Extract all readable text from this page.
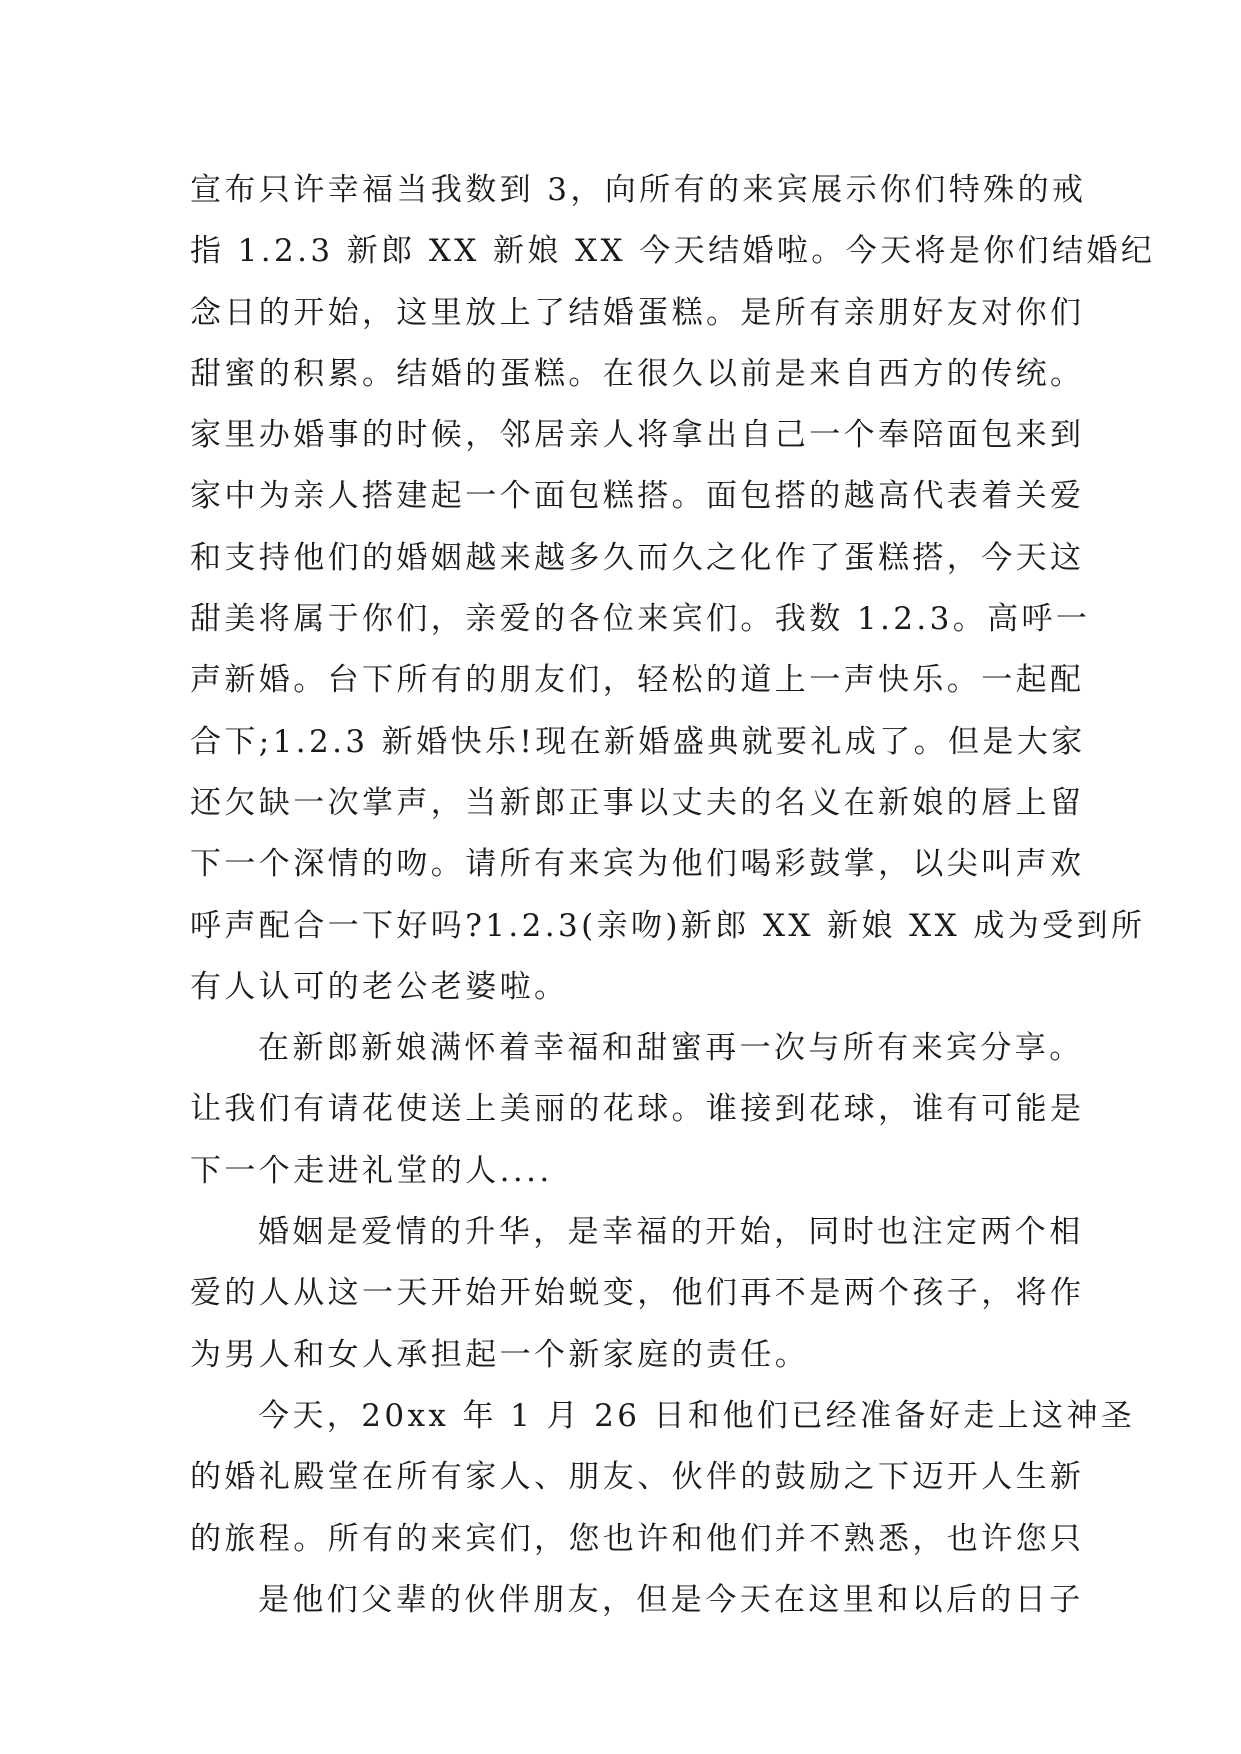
宣布只许幸福当我数到 3，向所有的来宾展示你们特殊的戒
指 1.2.3 新郎 XX 新娘 XX 今天结婚啦。今天将是你们结婚纪
念日的开始，这里放上了结婚蛋糕。是所有亲朋好友对你们
甜蜜的积累。结婚的蛋糕。在很久以前是来自西方的传统。
家里办婚事的时候，邻居亲人将拿出自己一个奉陪面包来到
家中为亲人搭建起一个面包糕搭。面包搭的越高代表着关爱
和支持他们的婚姻越来越多久而久之化作了蛋糕搭，今天这
甜美将属于你们，亲爱的各位来宾们。我数 1.2.3。高呼一
声新婚。台下所有的朋友们，轻松的道上一声快乐。一起配
合下;1.2.3 新婚快乐!现在新婚盛典就要礼成了。但是大家
还欠缺一次掌声，当新郎正事以丈夫的名义在新娘的唇上留
下一个深情的吻。请所有来宾为他们喝彩鼓掌，以尖叫声欢
呼声配合一下好吗?1.2.3(亲吻)新郎 XX 新娘 XX 成为受到所
有人认可的老公老婆啦。
在新郎新娘满怀着幸福和甜蜜再一次与所有来宾分享。
让我们有请花使送上美丽的花球。谁接到花球，谁有可能是
下一个走进礼堂的人....
婚姻是爱情的升华，是幸福的开始，同时也注定两个相
爱的人从这一天开始开始蜕变，他们再不是两个孩子，将作
为男人和女人承担起一个新家庭的责任。
今天，20xx 年 1 月 26 日和他们已经准备好走上这神圣
的婚礼殿堂在所有家人、朋友、伙伴的鼓励之下迈开人生新
的旅程。所有的来宾们，您也许和他们并不熟悉，也许您只
是他们父辈的伙伴朋友，但是今天在这里和以后的日子
